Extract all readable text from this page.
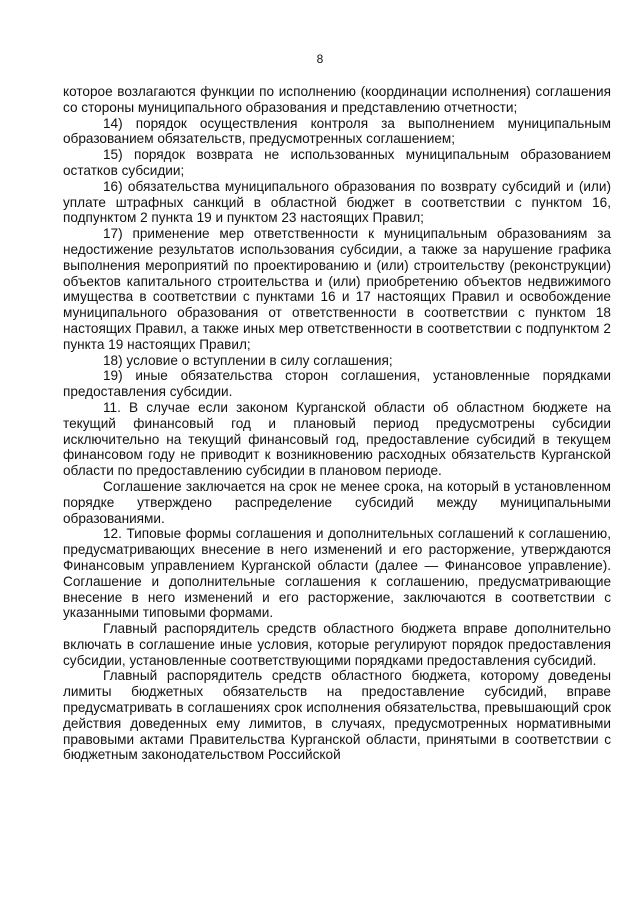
8

которое возлагаются функции по исполнению (координации исполнения) соглашения со стороны муниципального образования и представлению отчетности;

14) порядок осуществления контроля за выполнением муниципальным образованием обязательств, предусмотренных соглашением;

15) порядок возврата не использованных муниципальным образованием остатков субсидии;

16) обязательства муниципального образования по возврату субсидий и (или) уплате штрафных санкций в областной бюджет в соответствии с пунктом 16, подпунктом 2 пункта 19 и пунктом 23 настоящих Правил;

17) применение мер ответственности к муниципальным образованиям за недостижение результатов использования субсидии, а также за нарушение графика выполнения мероприятий по проектированию и (или) строительству (реконструкции) объектов капитального строительства и (или) приобретению объектов недвижимого имущества в соответствии с пунктами 16 и 17 настоящих Правил и освобождение муниципального образования от ответственности в соответствии с пунктом 18 настоящих Правил, а также иных мер ответственности в соответствии с подпунктом 2 пункта 19 настоящих Правил;

18) условие о вступлении в силу соглашения;

19) иные обязательства сторон соглашения, установленные порядками предоставления субсидии.

11. В случае если законом Курганской области об областном бюджете на текущий финансовый год и плановый период предусмотрены субсидии исключительно на текущий финансовый год, предоставление субсидий в текущем финансовом году не приводит к возникновению расходных обязательств Курганской области по предоставлению субсидии в плановом периоде.

Соглашение заключается на срок не менее срока, на который в установленном порядке утверждено распределение субсидий между муниципальными образованиями.

12. Типовые формы соглашения и дополнительных соглашений к соглашению, предусматривающих внесение в него изменений и его расторжение, утверждаются Финансовым управлением Курганской области (далее — Финансовое управление). Соглашение и дополнительные соглашения к соглашению, предусматривающие внесение в него изменений и его расторжение, заключаются в соответствии с указанными типовыми формами.

Главный распорядитель средств областного бюджета вправе дополнительно включать в соглашение иные условия, которые регулируют порядок предоставления субсидии, установленные соответствующими порядками предоставления субсидий.

Главный распорядитель средств областного бюджета, которому доведены лимиты бюджетных обязательств на предоставление субсидий, вправе предусматривать в соглашениях срок исполнения обязательства, превышающий срок действия доведенных ему лимитов, в случаях, предусмотренных нормативными правовыми актами Правительства Курганской области, принятыми в соответствии с бюджетным законодательством Российской
